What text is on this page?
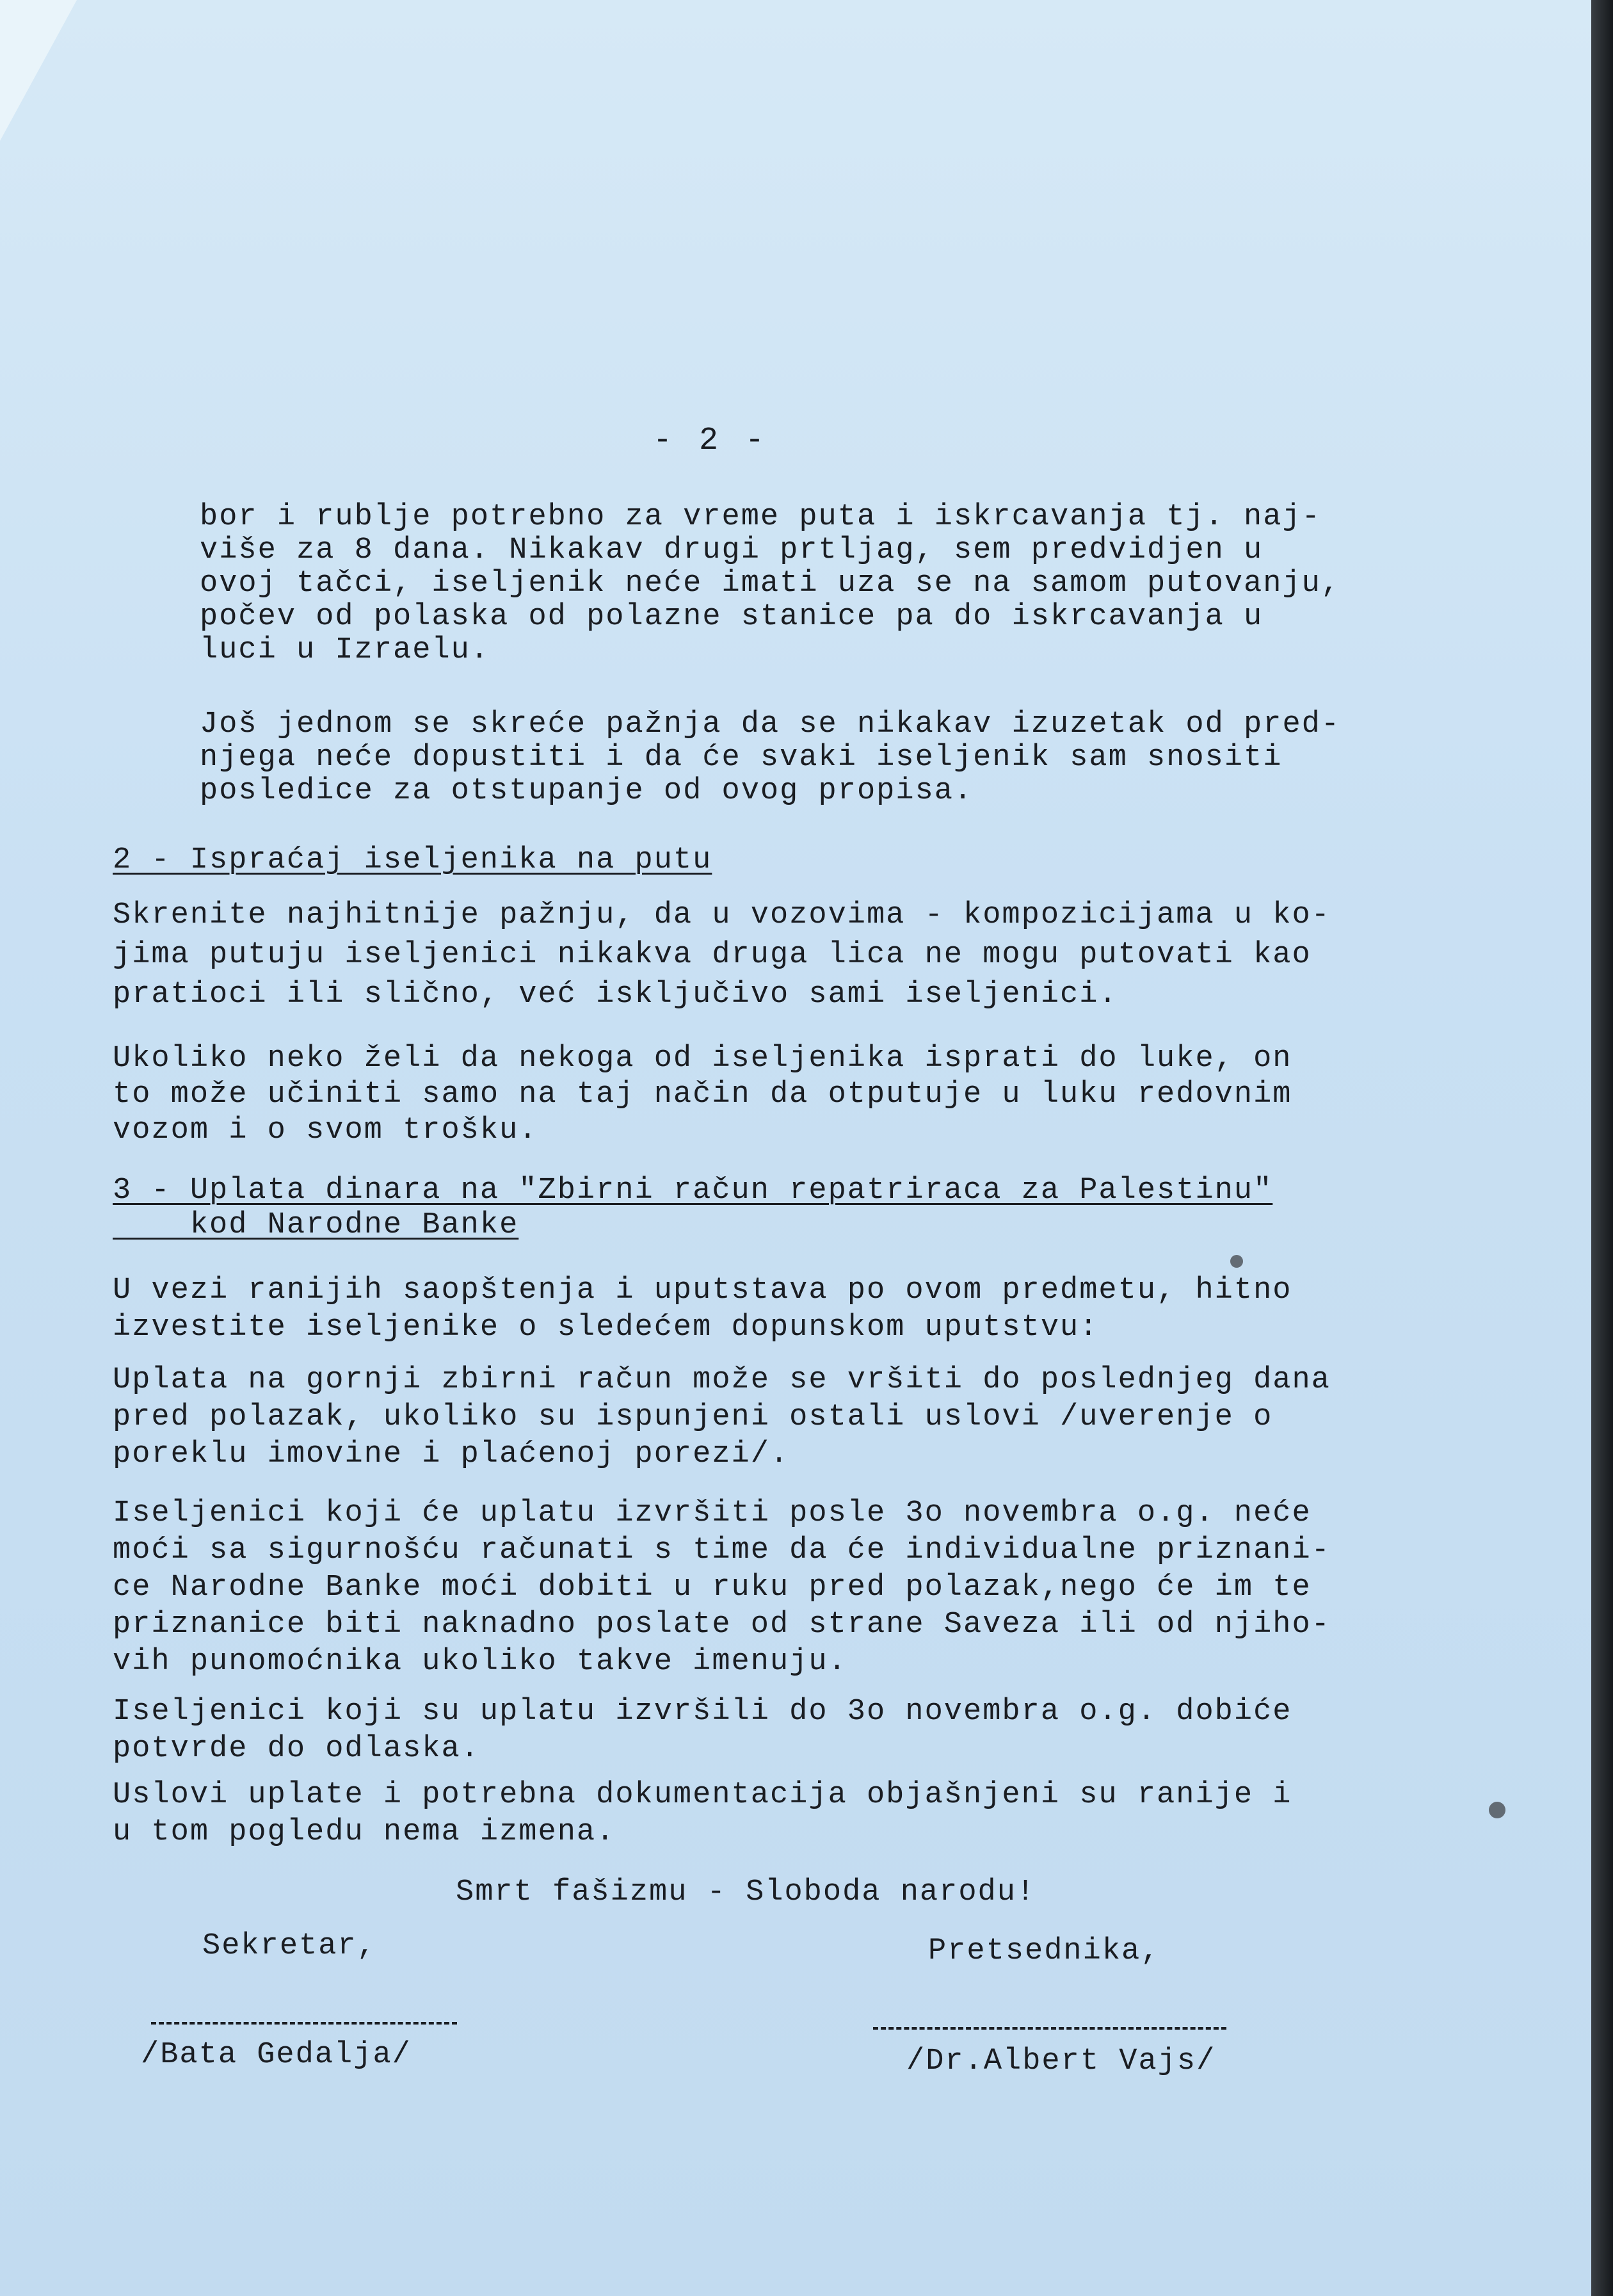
- 2 -
bor i rublje potrebno za vreme puta i iskrcavanja tj. naj-
više za 8 dana. Nikakav drugi prtljag, sem predvidjen u
ovoj tačci, iseljenik neće imati uza se na samom putovanju,
počev od polaska od polazne stanice pa do iskrcavanja u
luci u Izraelu.
Još jednom se skreće pažnja da se nikakav izuzetak od pred-
njega neće dopustiti i da će svaki iseljenik sam snositi
posledice za otstupanje od ovog propisa.
2 - Ispraćaj iseljenika na putu
Skrenite najhitnije pažnju, da u vozovima - kompozicijama u ko-
jima putuju iseljenici nikakva druga lica ne mogu putovati kao
pratioci ili slično, već isključivo sami iseljenici.
Ukoliko neko želi da nekoga od iseljenika isprati do luke, on
to može učiniti samo na taj način da otputuje u luku redovnim
vozom i o svom trošku.
3 - Uplata dinara na "Zbirni račun repatriraca za Palestinu"
kod Narodne Banke
U vezi ranijih saopštenja i uputstava po ovom predmetu, hitno
izvestite iseljenike o sledećem dopunskom uputstvu:
Uplata na gornji zbirni račun može se vršiti do poslednjeg dana
pred polazak, ukoliko su ispunjeni ostali uslovi /uverenje o
poreklu imovine i plaćenoj porezi/.
Iseljenici koji će uplatu izvršiti posle 3o novembra o.g. neće
moći sa sigurnošću računati s time da će individualne priznani-
ce Narodne Banke moći dobiti u ruku pred polazak,nego će im te
priznanice biti naknadno poslate od strane Saveza ili od njiho-
vih punomoćnika ukoliko takve imenuju.
Iseljenici koji su uplatu izvršili do 3o novembra o.g. dobiće
potvrde do odlaska.
Uslovi uplate i potrebna dokumentacija objašnjeni su ranije i
u tom pogledu nema izmena.
Smrt fašizmu - Sloboda narodu!
Sekretar,	Pretsednika,
/Bata Gedalja/	/Dr.Albert Vajs/
